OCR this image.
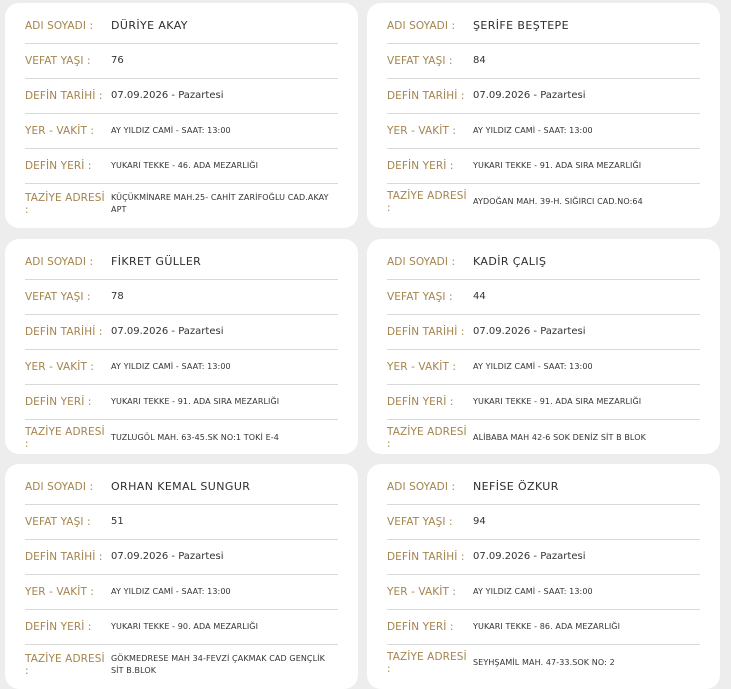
ADI SOYADI :	DÜRİYE AKAY
VEFAT YAŞI :	76
DEFİN TARİHİ : 07.09.2026 - Pazartesi
YER - VAKİT :	AY YILDIZ CAMİ - SAAT: 13:00
DEFİN YERİ :	YUKARI TEKKE - 46. ADA MEZARLIĞI
TAZİYE ADRESİ :
KÜÇÜKMİNARE MAH.25- CAHİT ZARİFOĞLU CAD.AKAY APT
ADI SOYADI :	ŞERİFE BEŞTEPE
VEFAT YAŞI :	84
DEFİN TARİHİ : 07.09.2026 - Pazartesi
YER - VAKİT :	AY YILDIZ CAMİ - SAAT: 13:00
DEFİN YERİ :	YUKARI TEKKE - 91. ADA SIRA MEZARLIĞI
TAZİYE ADRESİ :
AYDOĞAN MAH. 39-H. SIĞIRCI CAD.NO:64
ADI SOYADI :	FİKRET GÜLLER
VEFAT YAŞI :	78
DEFİN TARİHİ : 07.09.2026 - Pazartesi
YER - VAKİT :	AY YILDIZ CAMİ - SAAT: 13:00
DEFİN YERİ :	YUKARI TEKKE - 91. ADA SIRA MEZARLIĞI
TAZİYE ADRESİ :
TUZLUGÖL MAH. 63-45.SK NO:1 TOKİ E-4
ADI SOYADI :	KADİR ÇALIŞ
VEFAT YAŞI :	44
DEFİN TARİHİ : 07.09.2026 - Pazartesi
YER - VAKİT :	AY YILDIZ CAMİ - SAAT: 13:00
DEFİN YERİ :	YUKARI TEKKE - 91. ADA SIRA MEZARLIĞI
TAZİYE ADRESİ :
ALİBABA MAH 42-6 SOK DENİZ SİT B BLOK
ADI SOYADI :	ORHAN KEMAL SUNGUR
VEFAT YAŞI :	51
DEFİN TARİHİ : 07.09.2026 - Pazartesi
YER - VAKİT :	AY YILDIZ CAMİ - SAAT: 13:00
DEFİN YERİ :	YUKARI TEKKE - 90. ADA MEZARLIĞI
TAZİYE ADRESİ :
GÖKMEDRESE MAH 34-FEVZİ ÇAKMAK CAD GENÇLİK SİT B.BLOK
ADI SOYADI :	NEFİSE ÖZKUR
VEFAT YAŞI :	94
DEFİN TARİHİ : 07.09.2026 - Pazartesi
YER - VAKİT :	AY YILDIZ CAMİ - SAAT: 13:00
DEFİN YERİ :	YUKARI TEKKE - 86. ADA MEZARLIĞI
TAZİYE ADRESİ :
SEYHŞAMİL MAH. 47-33.SOK NO: 2
